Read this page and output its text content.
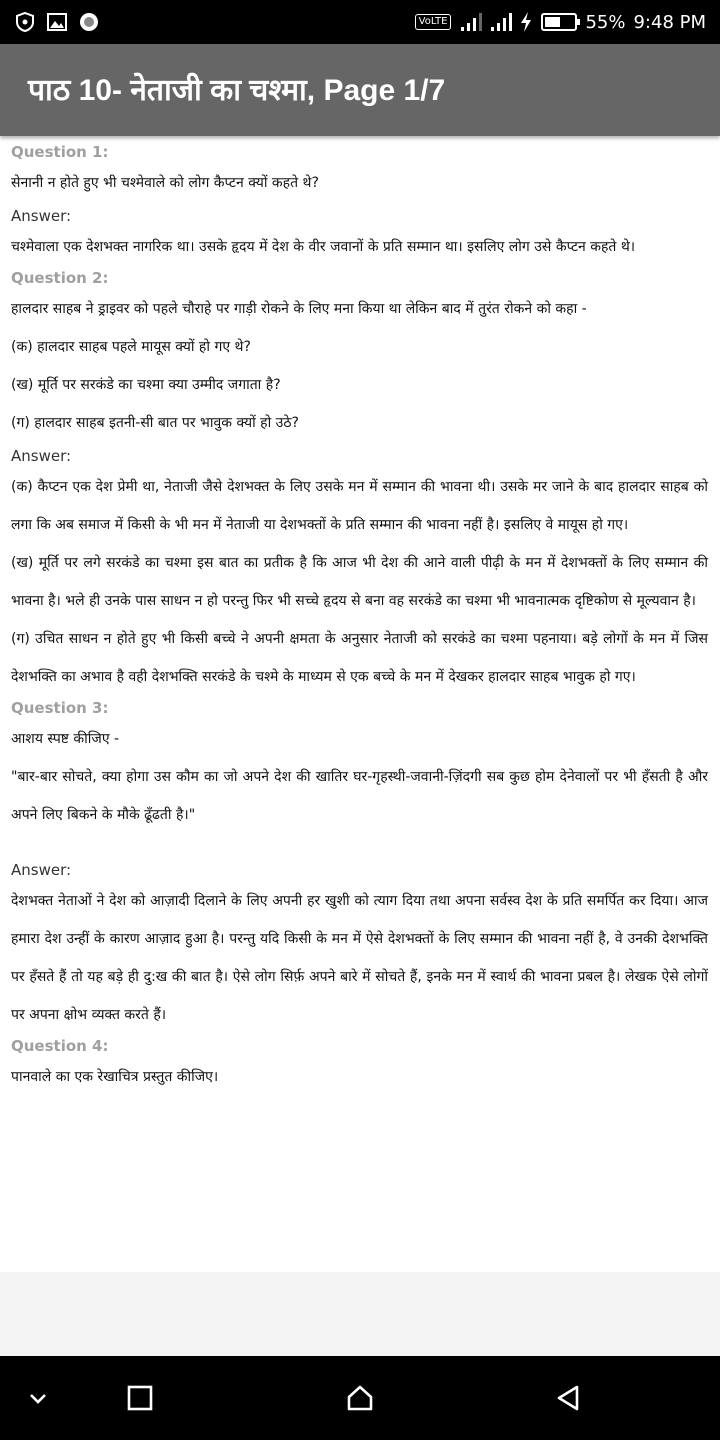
VoLTE	55% 9:48 PM
पाठ 10- नेताजी का चश्मा, Page 1/7

Question 1:

सेनानी न होते हुए भी चश्मेवाले को लोग कैप्टन क्यों कहते थे?

Answer:

चश्मेवाला एक देशभक्त नागरिक था। उसके हृदय में देश के वीर जवानों के प्रति सम्मान था। इसलिए लोग उसे कैप्टन कहते थे।

Question 2:

हालदार साहब ने ड्राइवर को पहले चौराहे पर गाड़ी रोकने के लिए मना किया था लेकिन बाद में तुरंत रोकने को कहा -

(क) हालदार साहब पहले मायूस क्यों हो गए थे?

(ख) मूर्ति पर सरकंडे का चश्मा क्या उम्मीद जगाता है?

(ग) हालदार साहब इतनी-सी बात पर भावुक क्यों हो उठे?

Answer:

(क) कैप्टन एक देश प्रेमी था, नेताजी जैसे देशभक्त के लिए उसके मन में सम्मान की भावना थी। उसके मर जाने के बाद हालदार साहब को लगा कि अब समाज में किसी के भी मन में नेताजी या देशभक्तों के प्रति सम्मान की भावना नहीं है। इसलिए वे मायूस हो गए।

(ख) मूर्ति पर लगे सरकंडे का चश्मा इस बात का प्रतीक है कि आज भी देश की आने वाली पीढ़ी के मन में देशभक्तों के लिए सम्मान की भावना है। भले ही उनके पास साधन न हो परन्तु फिर भी सच्चे हृदय से बना वह सरकंडे का चश्मा भी भावनात्मक दृष्टिकोण से मूल्यवान है।

(ग) उचित साधन न होते हुए भी किसी बच्चे ने अपनी क्षमता के अनुसार नेताजी को सरकंडे का चश्मा पहनाया। बड़े लोगों के मन में जिस देशभक्ति का अभाव है वही देशभक्ति सरकंडे के चश्मे के माध्यम से एक बच्चे के मन में देखकर हालदार साहब भावुक हो गए।

Question 3:

आशय स्पष्ट कीजिए -

"बार-बार सोचते, क्या होगा उस कौम का जो अपने देश की खातिर घर-गृहस्थी-जवानी-ज़िंदगी सब कुछ होम देनेवालों पर भी हँसती है और अपने लिए बिकने के मौके ढूँढती है।"

Answer:

देशभक्त नेताओं ने देश को आज़ादी दिलाने के लिए अपनी हर खुशी को त्याग दिया तथा अपना सर्वस्व देश के प्रति समर्पित कर दिया। आज हमारा देश उन्हीं के कारण आज़ाद हुआ है। परन्तु यदि किसी के मन में ऐसे देशभक्तों के लिए सम्मान की भावना नहीं है, वे उनकी देशभक्ति पर हँसते हैं तो यह बड़े ही दु:ख की बात है। ऐसे लोग सिर्फ़ अपने बारे में सोचते हैं, इनके मन में स्वार्थ की भावना प्रबल है। लेखक ऐसे लोगों पर अपना क्षोभ व्यक्त करते हैं।

Question 4:

पानवाले का एक रेखाचित्र प्रस्तुत कीजिए।
